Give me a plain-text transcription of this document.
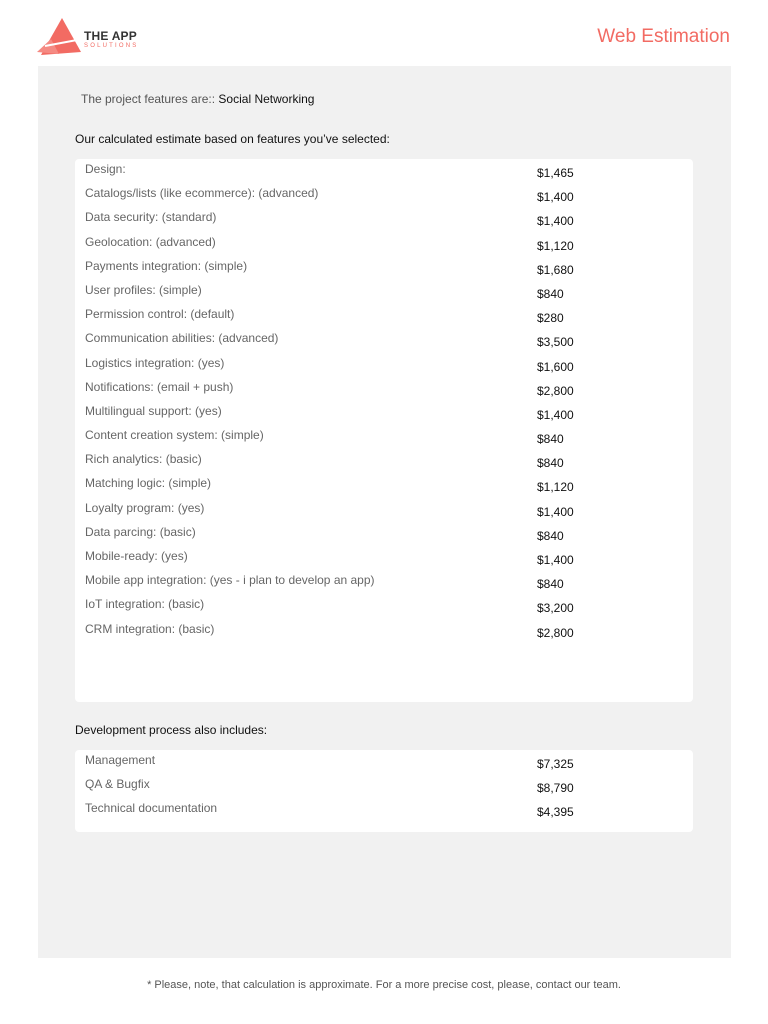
THE APP
SOLUTIONS	Web Estimation
The project features are:: Social Networking
Our calculated estimate based on features you’ve selected:
Design:	$1,465
Catalogs/lists (like ecommerce): (advanced)	$1,400
Data security: (standard)	$1,400
Geolocation: (advanced)	$1,120
Payments integration: (simple)	$1,680
User profiles: (simple)	$840
Permission control: (default)	$280
Communication abilities: (advanced)	$3,500
Logistics integration: (yes)	$1,600
Notifications: (email + push)	$2,800
Multilingual support: (yes)	$1,400
Content creation system: (simple)	$840
Rich analytics: (basic)	$840
Matching logic: (simple)	$1,120
Loyalty program: (yes)	$1,400
Data parcing: (basic)	$840
Mobile-ready: (yes)	$1,400
Mobile app integration: (yes - i plan to develop an app)	$840
IoT integration: (basic)	$3,200
CRM integration: (basic)	$2,800
Development process also includes:
Management	$7,325
QA & Bugfix	$8,790
Technical documentation	$4,395
* Please, note, that calculation is approximate. For a more precise cost, please, contact our team.
